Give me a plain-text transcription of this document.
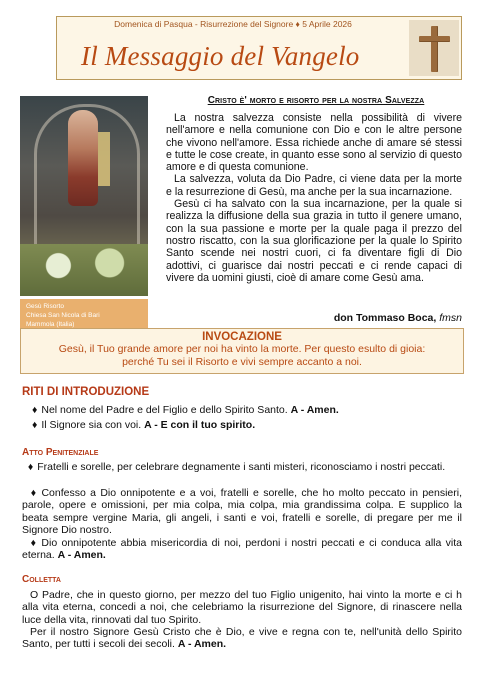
Domenica di Pasqua - Risurrezione del Signore ♦ 5 Aprile 2026
Il Messaggio del Vangelo
Gesù Risorto
Chiesa San Nicola di Bari
Mammola (Italia)
Cristo è' morto e risorto per la nostra Salvezza

La nostra salvezza consiste nella possibilità di vivere nell'amore e nella comunione con Dio e con le altre persone che vivono nell'amore. Essa richiede anche di amare sé stessi e tutte le cose create, in quanto esse sono al servizio di questo amore e di questa comunione.

La salvezza, voluta da Dio Padre, ci viene data per la morte e la resurrezione di Gesù, ma anche per la sua incarnazione.

Gesù ci ha salvato con la sua incarnazione, per la quale si realizza la diffusione della sua grazia in tutto il genere umano, con la sua passione e morte per la quale paga il prezzo del nostro riscatto, con la sua glorificazione per la quale lo Spirito Santo scende nei nostri cuori, ci fa diventare figli di Dio adottivi, ci guarisce dai nostri peccati e ci rende capaci di vivere da uomini giusti, cioè di amare come Gesù ama.

don Tommaso Boca, fmsn
INVOCAZIONE
Gesù, il Tuo grande amore per noi ha vinto la morte. Per questo esulto di gioia:
perché Tu sei il Risorto e vivi sempre accanto a noi.
RITI DI INTRODUZIONE
♦ Nel nome del Padre e del Figlio e dello Spirito Santo. A - Amen.
♦ Il Signore sia con voi. A - E con il tuo spirito.
Atto Penitenziale
♦ Fratelli e sorelle, per celebrare degnamente i santi misteri, riconosciamo i nostri peccati.
♦ Confesso a Dio onnipotente e a voi, fratelli e sorelle, che ho molto peccato in pensieri, parole, opere e omissioni, per mia colpa, mia colpa, mia grandissima colpa. E supplico la beata sempre vergine Maria, gli angeli, i santi e voi, fratelli e sorelle, di pregare per me il Signore Dio nostro.
♦ Dio onnipotente abbia misericordia di noi, perdoni i nostri peccati e ci conduca alla vita eterna. A - Amen.
Colletta
O Padre, che in questo giorno, per mezzo del tuo Figlio unigenito, hai vinto la morte e ci h alla vita eterna, concedi a noi, che celebriamo la risurrezione del Signore, di rinascere nella luce della vita, rinnovati dal tuo Spirito.
Per il nostro Signore Gesù Cristo che è Dio, e vive e regna con te, nell'unità dello Spirito Santo, per tutti i secoli dei secoli. A - Amen.
